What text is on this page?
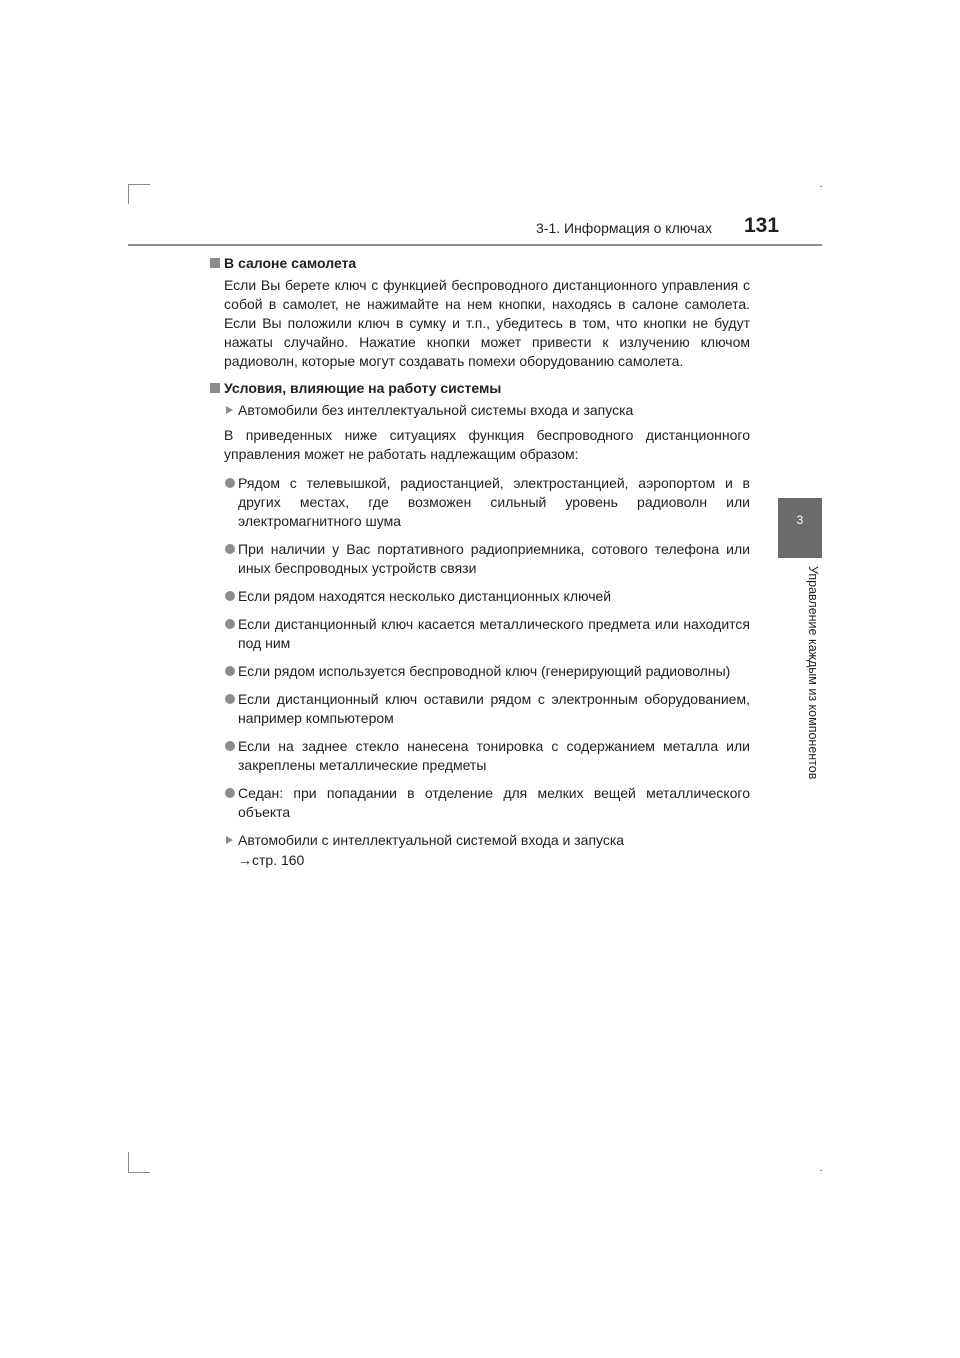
3-1. Информация о ключах 131
3
Управление каждым из компонентов
В салоне самолета
Если Вы берете ключ с функцией беспроводного дистанционного управления с собой в самолет, не нажимайте на нем кнопки, находясь в салоне самолета. Если Вы положили ключ в сумку и т.п., убедитесь в том, что кнопки не будут нажаты случайно. Нажатие кнопки может привести к излучению ключом радиоволн, которые могут создавать помехи оборудованию самолета.
Условия, влияющие на работу системы
Автомобили без интеллектуальной системы входа и запуска
В приведенных ниже ситуациях функция беспроводного дистанционного
управления может не работать надлежащим образом:
Рядом с телевышкой, радиостанцией, электростанцией, аэропортом и в других местах, где возможен сильный уровень радиоволн или электромагнитного шума
При наличии у Вас портативного радиоприемника, сотового телефона или иных беспроводных устройств связи
Если рядом находятся несколько дистанционных ключей
Если дистанционный ключ касается металлического предмета или находится под ним
Если рядом используется беспроводной ключ (генерирующий радиоволны)
Если дистанционный ключ оставили рядом с электронным оборудованием, например компьютером
Если на заднее стекло нанесена тонировка с содержанием металла или закреплены металлические предметы
Седан: при попадании в отделение для мелких вещей металлического объекта
Автомобили с интеллектуальной системой входа и запуска
→стр. 160
